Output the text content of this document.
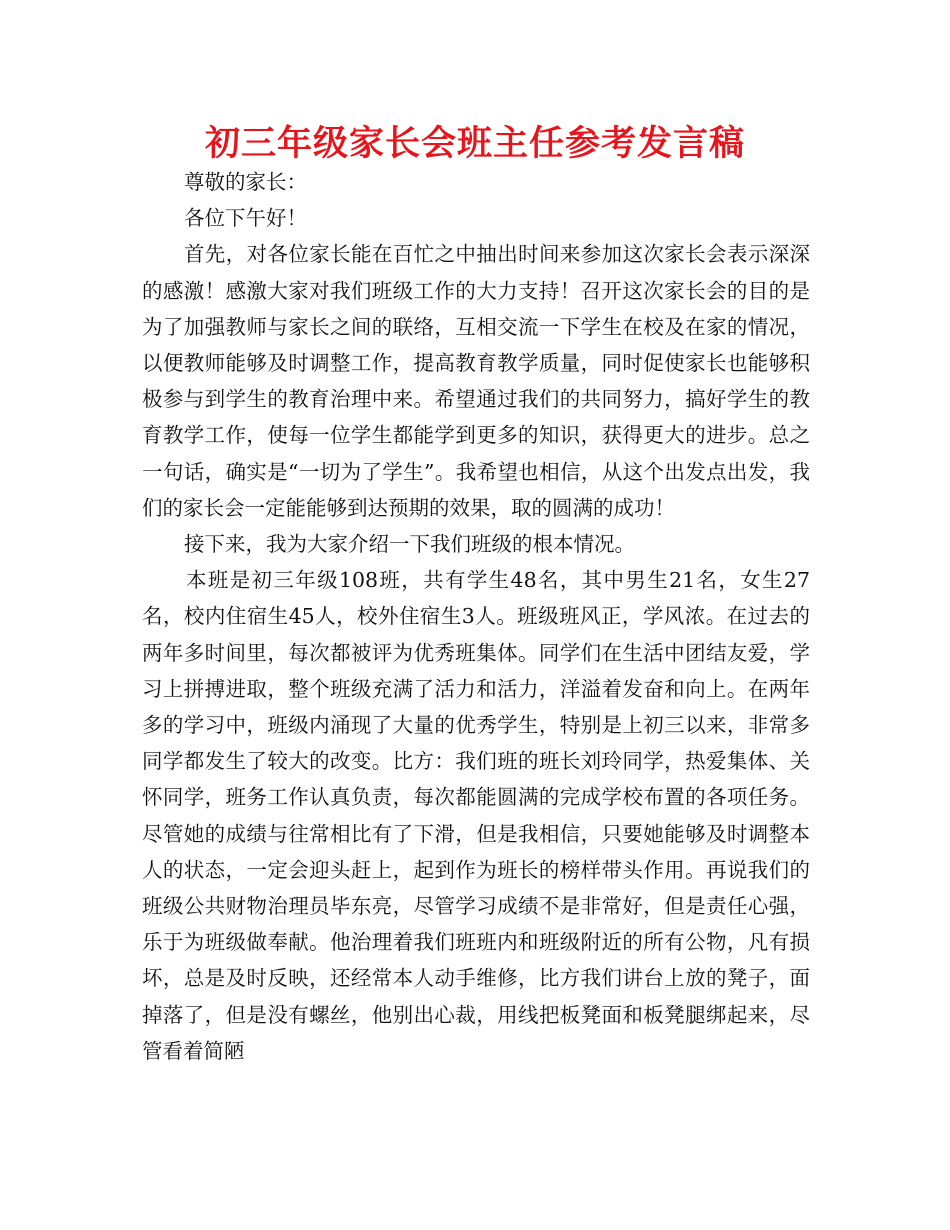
初三年级家长会班主任参考发言稿

尊敬的家长：

各位下午好！

首先，对各位家长能在百忙之中抽出时间来参加这次家长会表示深深的感激！感激大家对我们班级工作的大力支持！召开这次家长会的目的是为了加强教师与家长之间的联络，互相交流一下学生在校及在家的情况，以便教师能够及时调整工作，提高教育教学质量，同时促使家长也能够积极参与到学生的教育治理中来。希望通过我们的共同努力，搞好学生的教育教学工作，使每一位学生都能学到更多的知识，获得更大的进步。总之一句话，确实是“一切为了学生”。我希望也相信，从这个出发点出发，我们的家长会一定能能够到达预期的效果，取的圆满的成功！

接下来，我为大家介绍一下我们班级的根本情况。

本班是初三年级108班，共有学生48名，其中男生21名，女生27名，校内住宿生45人，校外住宿生3人。班级班风正，学风浓。在过去的两年多时间里，每次都被评为优秀班集体。同学们在生活中团结友爱，学习上拼搏进取，整个班级充满了活力和活力，洋溢着发奋和向上。在两年多的学习中，班级内涌现了大量的优秀学生，特别是上初三以来，非常多同学都发生了较大的改变。比方：我们班的班长刘玲同学，热爱集体、关怀同学，班务工作认真负责，每次都能圆满的完成学校布置的各项任务。尽管她的成绩与往常相比有了下滑，但是我相信，只要她能够及时调整本人的状态，一定会迎头赶上，起到作为班长的榜样带头作用。再说我们的班级公共财物治理员毕东亮，尽管学习成绩不是非常好，但是责任心强，乐于为班级做奉献。他治理着我们班班内和班级附近的所有公物，凡有损坏，总是及时反映，还经常本人动手维修，比方我们讲台上放的凳子，面掉落了，但是没有螺丝，他别出心裁，用线把板凳面和板凳腿绑起来，尽管看着简陋
